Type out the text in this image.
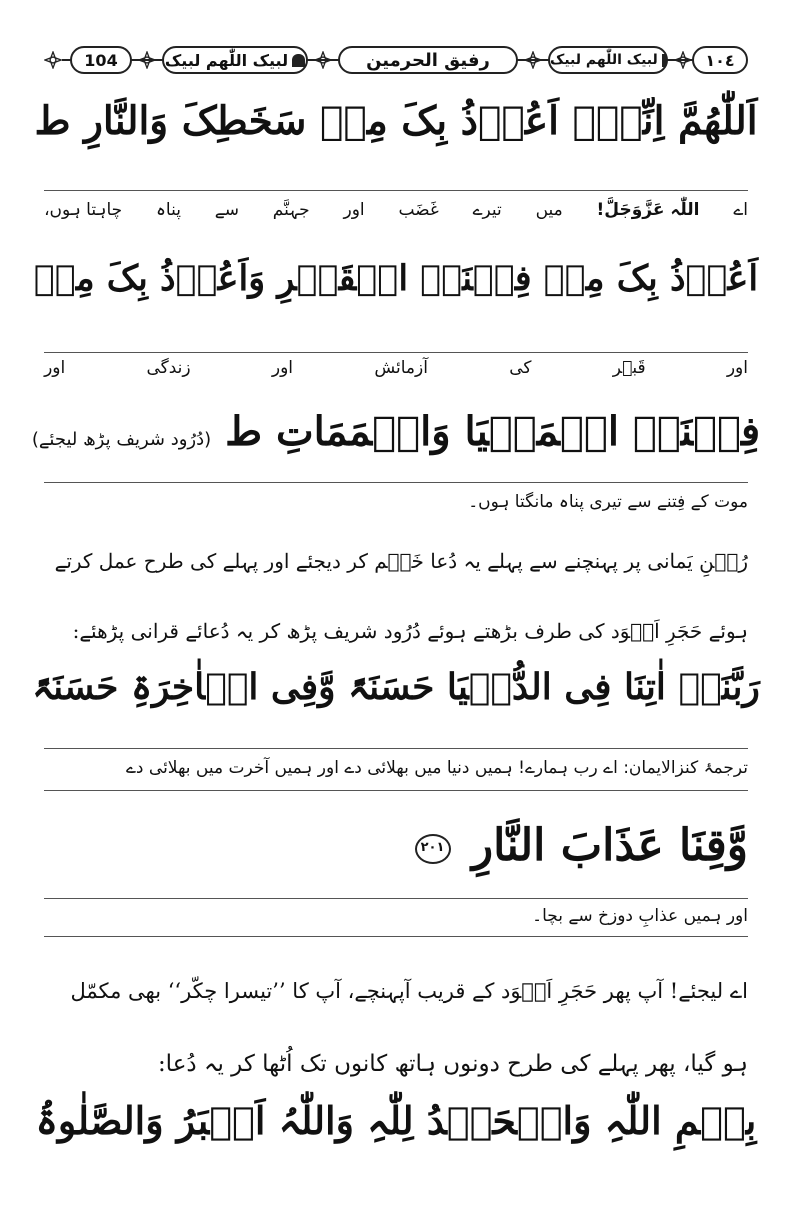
104	لبیک اللّٰھم لبیک	رفیق الحرمین	لبیک اللّٰھم لبیک	١٠٤
اَللّٰھُمَّ اِنِّیۡۤ اَعُوۡذُ بِکَ مِنۡ سَخَطِکَ وَالنَّارِ ط
اے
اللّٰہ عَزَّوَجَلَّ!
میں
تیرے
غَضَب
اور
جہنَّم
سے
پناہ
چاہتا ہوں،
اَعُوۡذُ بِکَ مِنۡ فِتۡنَۃِ الۡقَبۡرِ وَاَعُوۡذُ بِکَ مِنۡ
اور
قَبۡر
کی
آزمائش
اور
زندگی
اور
فِتۡنَۃِ الۡمَحۡیَا وَالۡمَمَاتِ ط (دُرُود شریف پڑھ لیجئے)
موت کے فِتنے سے تیری پناہ مانگتا ہوں۔
رُکۡنِ یَمانی پر پہنچنے سے پہلے یہ دُعا خَتۡم کر دیجئے اور پہلے کی طرح عمل کرتے
ہوئے حَجَرِ اَسۡوَد کی طرف بڑھتے ہوئے دُرُود شریف پڑھ کر یہ دُعائے قرانی پڑھئے:
رَبَّنَاۤ اٰتِنَا فِی الدُّنۡیَا حَسَنَۃً وَّفِی الۡاٰخِرَۃِ حَسَنَۃً
ترجمۂ کنزالایمان: اے رب ہمارے! ہمیں دنیا میں بھلائی دے اور ہمیں آخرت میں بھلائی دے
وَّقِنَا عَذَابَ النَّارِ ٢٠١
اور ہمیں عذابِ دوزخ سے بچا۔
اے لیجئے! آپ پھر حَجَرِ اَسۡوَد کے قریب آپہنچے، آپ کا ’’تیسرا چکّر‘‘ بھی مکمّل
ہو گیا، پھر پہلے کی طرح دونوں ہاتھ کانوں تک اُٹھا کر یہ دُعا:
بِسۡمِ اللّٰہِ وَالۡحَمۡدُ لِلّٰہِ وَاللّٰہُ اَکۡبَرُ وَالصَّلٰوۃُ
